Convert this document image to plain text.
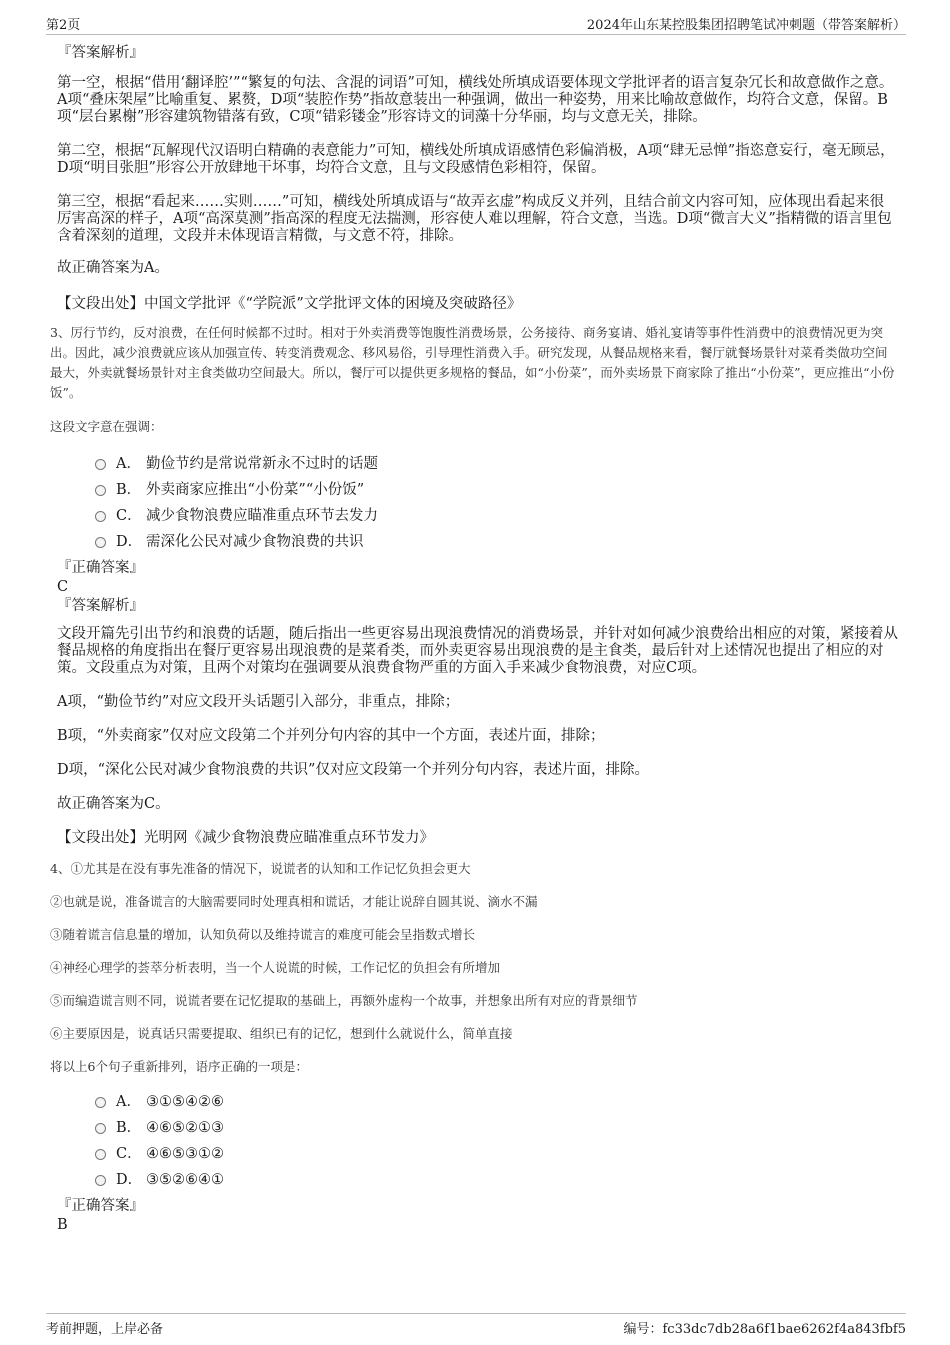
第2页	2024年山东某控股集团招聘笔试冲刺题（带答案解析）

『答案解析』

第一空，根据“借用‘翻译腔’”“繁复的句法、含混的词语”可知，横线处所填成语要体现文学批评者的语言复杂冗长和故意做作之意。A项“叠床架屋”比喻重复、累赘，D项“装腔作势”指故意装出一种强调，做出一种姿势，用来比喻故意做作，均符合文意，保留。B项“层台累榭”形容建筑物错落有致，C项“错彩镂金”形容诗文的词藻十分华丽，均与文意无关，排除。

第二空，根据“瓦解现代汉语明白精确的表意能力”可知，横线处所填成语感情色彩偏消极，A项“肆无忌惮”指恣意妄行，毫无顾忌，D项“明目张胆”形容公开放肆地干坏事，均符合文意，且与文段感情色彩相符，保留。

第三空，根据“看起来……实则……”可知，横线处所填成语与“故弄玄虚”构成反义并列，且结合前文内容可知，应体现出看起来很厉害高深的样子，A项“高深莫测”指高深的程度无法揣测，形容使人难以理解，符合文意，当选。D项“微言大义”指精微的语言里包含着深刻的道理，文段并未体现语言精微，与文意不符，排除。

故正确答案为A。

【文段出处】中国文学批评《“学院派”文学批评文体的困境及突破路径》

3、厉行节约，反对浪费，在任何时候都不过时。相对于外卖消费等饱腹性消费场景，公务接待、商务宴请、婚礼宴请等事件性消费中的浪费情况更为突出。因此，减少浪费就应该从加强宣传、转变消费观念、移风易俗，引导理性消费入手。研究发现，从餐品规格来看，餐厅就餐场景针对菜肴类做功空间最大，外卖就餐场景针对主食类做功空间最大。所以，餐厅可以提供更多规格的餐品，如“小份菜”，而外卖场景下商家除了推出“小份菜”，更应推出“小份饭”。

这段文字意在强调：

A． 勤俭节约是常说常新永不过时的话题
B． 外卖商家应推出“小份菜”“小份饭”
C． 减少食物浪费应瞄准重点环节去发力
D． 需深化公民对减少食物浪费的共识

『正确答案』

C

『答案解析』

文段开篇先引出节约和浪费的话题，随后指出一些更容易出现浪费情况的消费场景，并针对如何减少浪费给出相应的对策，紧接着从餐品规格的角度指出在餐厅更容易出现浪费的是菜肴类，而外卖更容易出现浪费的是主食类，最后针对上述情况也提出了相应的对策。文段重点为对策，且两个对策均在强调要从浪费食物严重的方面入手来减少食物浪费，对应C项。

A项，“勤俭节约”对应文段开头话题引入部分，非重点，排除；

B项，“外卖商家”仅对应文段第二个并列分句内容的其中一个方面，表述片面，排除；

D项，“深化公民对减少食物浪费的共识”仅对应文段第一个并列分句内容，表述片面，排除。

故正确答案为C。

【文段出处】光明网《减少食物浪费应瞄准重点环节发力》

4、①尤其是在没有事先准备的情况下，说谎者的认知和工作记忆负担会更大

②也就是说，准备谎言的大脑需要同时处理真相和谎话，才能让说辞自圆其说、滴水不漏

③随着谎言信息量的增加，认知负荷以及维持谎言的难度可能会呈指数式增长

④神经心理学的荟萃分析表明，当一个人说谎的时候，工作记忆的负担会有所增加

⑤而编造谎言则不同，说谎者要在记忆提取的基础上，再额外虚构一个故事，并想象出所有对应的背景细节

⑥主要原因是，说真话只需要提取、组织已有的记忆，想到什么就说什么，简单直接

将以上6个句子重新排列，语序正确的一项是：

A． ③①⑤④②⑥
B． ④⑥⑤②①③
C． ④⑥⑤③①②
D． ③⑤②⑥④①

『正确答案』

B

考前押题，上岸必备	编号：fc33dc7db28a6f1bae6262f4a843fbf5
